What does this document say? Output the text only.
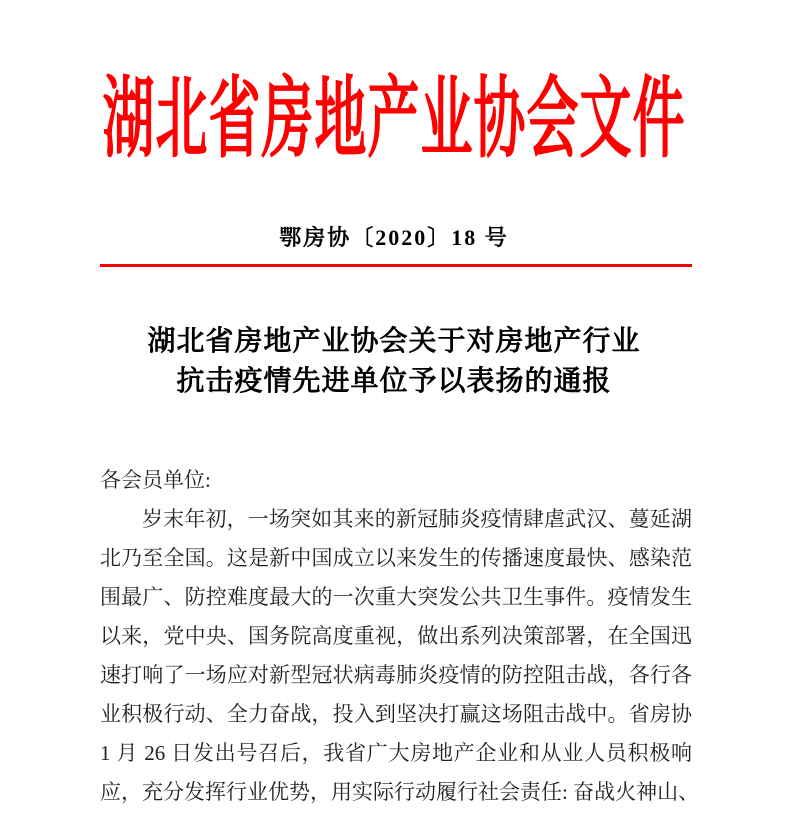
湖北省房地产业协会文件
鄂房协〔2020〕18 号
湖北省房地产业协会关于对房地产行业
抗击疫情先进单位予以表扬的通报
各会员单位:
岁末年初，一场突如其来的新冠肺炎疫情肆虐武汉、蔓延湖
北乃至全国。这是新中国成立以来发生的传播速度最快、感染范
围最广、防控难度最大的一次重大突发公共卫生事件。疫情发生
以来，党中央、国务院高度重视，做出系列决策部署，在全国迅
速打响了一场应对新型冠状病毒肺炎疫情的防控阻击战，各行各
业积极行动、全力奋战，投入到坚决打赢这场阻击战中。省房协
1 月 26 日发出号召后，我省广大房地产企业和从业人员积极响
应，充分发挥行业优势，用实际行动履行社会责任: 奋战火神山、
